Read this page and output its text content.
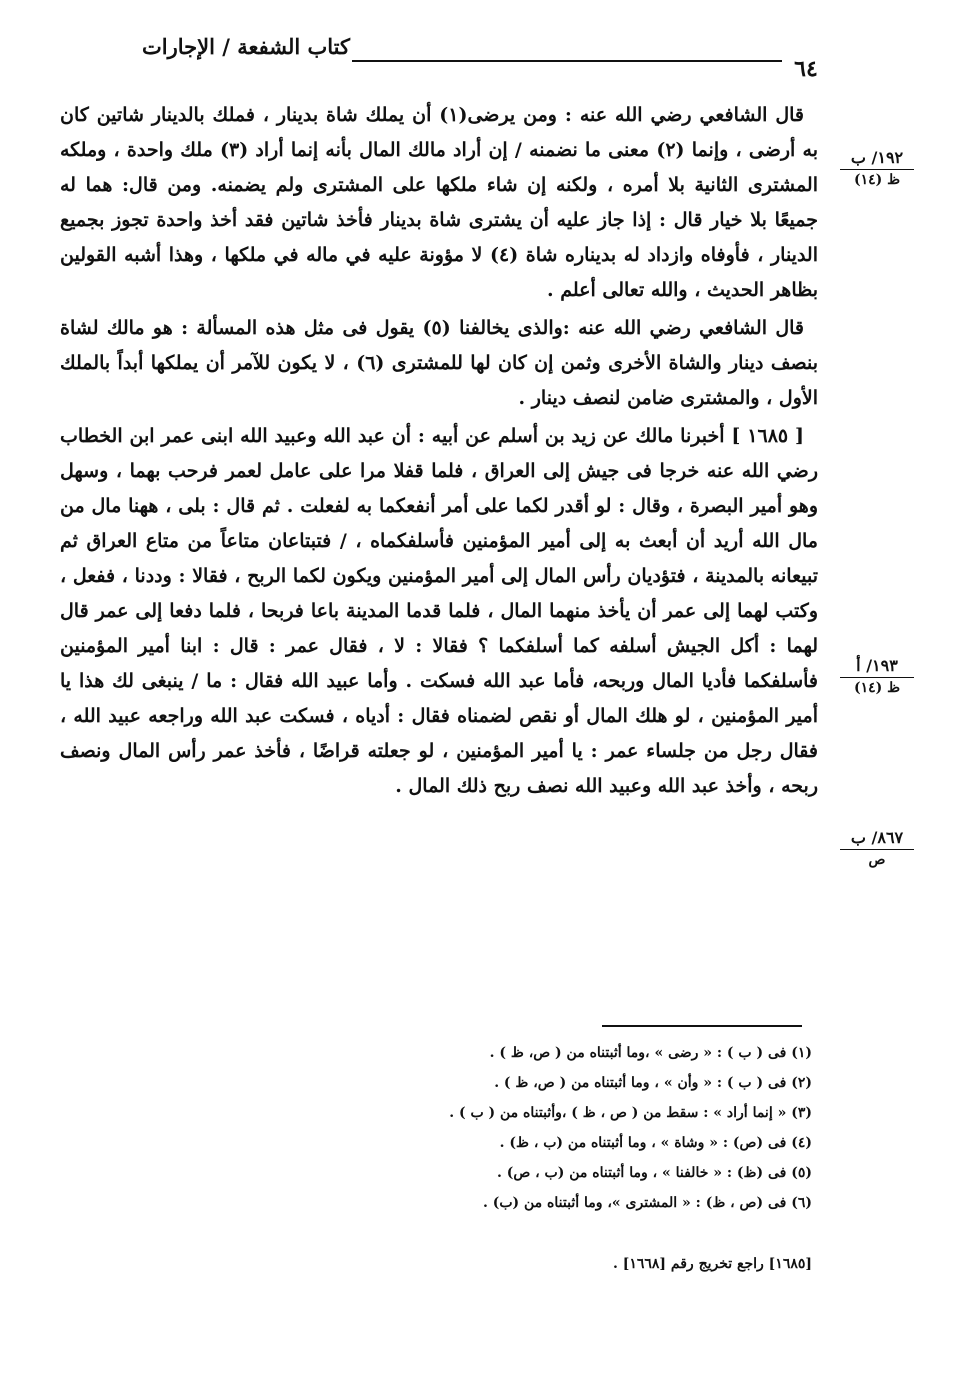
كتاب الشفعة / الإجارات
٦٤
١٩٢/ ب
ظ (١٤)
١٩٣/ أ
ظ (١٤)
٨٦٧/ ب
ص

قال الشافعي رضي الله عنه : ومن يرضى(١) أن يملك شاة بدينار ، فملك بالدينار شاتين كان به أرضى ، وإنما (٢) معنى ما نضمنه / إن أراد مالك المال بأنه إنما أراد (٣) ملك واحدة ، وملكه المشترى الثانية بلا أمره ، ولكنه إن شاء ملكها على المشترى ولم يضمنه. ومن قال: هما له جميعًا بلا خيار قال : إذا جاز عليه أن يشترى شاة بدينار فأخذ شاتين فقد أخذ واحدة تجوز بجميع الدينار ، فأوفاه وازداد له بديناره شاة (٤) لا مؤونة عليه في ماله في ملكها ، وهذا أشبه القولين بظاهر الحديث ، والله تعالى أعلم .

قال الشافعي رضي الله عنه :والذى يخالفنا (٥) يقول فى مثل هذه المسألة : هو مالك لشاة بنصف دينار والشاة الأخرى وثمن إن كان لها للمشترى (٦) ، لا يكون للآمر أن يملكها أبداً بالملك الأول ، والمشترى ضامن لنصف دينار .

[ ١٦٨٥ ] أخبرنا مالك عن زيد بن أسلم عن أبيه : أن عبد الله وعبيد الله ابنى عمر ابن الخطاب رضي الله عنه خرجا فى جيش إلى العراق ، فلما قفلا مرا على عامل لعمر فرحب بهما ، وسهل وهو أمير البصرة ، وقال : لو أقدر لكما على أمر أنفعكما به لفعلت . ثم قال : بلى ، ههنا مال من مال الله أريد أن أبعث به إلى أمير المؤمنين فأسلفكماه ، / فتبتاعان متاعاً من متاع العراق ثم تبيعانه بالمدينة ، فتؤديان رأس المال إلى أمير المؤمنين ويكون لكما الربح ، فقالا : وددنا ، ففعل ، وكتب لهما إلى عمر أن يأخذ منهما المال ، فلما قدما المدينة باعا فربحا ، فلما دفعا إلى عمر قال لهما : أكل الجيش أسلفه كما أسلفكما ؟ فقالا : لا ، فقال عمر : قال : ابنا أمير المؤمنين فأسلفكما فأديا المال وربحه، فأما عبد الله فسكت . وأما عبيد الله فقال : ما / ينبغى لك هذا يا أمير المؤمنين ، لو هلك المال أو نقص لضمناه فقال : أدياه ، فسكت عبد الله وراجعه عبيد الله ، فقال رجل من جلساء عمر : يا أمير المؤمنين ، لو جعلته قراضًا ، فأخذ عمر رأس المال ونصف ربحه ، وأخذ عبد الله وعبيد الله نصف ربح ذلك المال .

(١) فى ( ب ) : « رضى » ،وما أثبتناه من ( ص، ظ ) .
(٢) فى ( ب ) : « وأن » ، وما أثبتناه من ( ص، ظ ) .
(٣) « إنما أراد » : سقط من ( ص ، ظ ) ،وأثبتناه من ( ب ) .
(٤) فى (ص) : « وشاة » ، وما أثبتناه من (ب ، ظ) .
(٥) فى (ظ) : « خالفنا » ، وما أثبتناه من (ب ، ص) .
(٦) فى (ص ، ظ) : « المشترى »، وما أثبتناه من (ب) .
[١٦٨٥] راجع تخريج رقم [١٦٦٨] .
